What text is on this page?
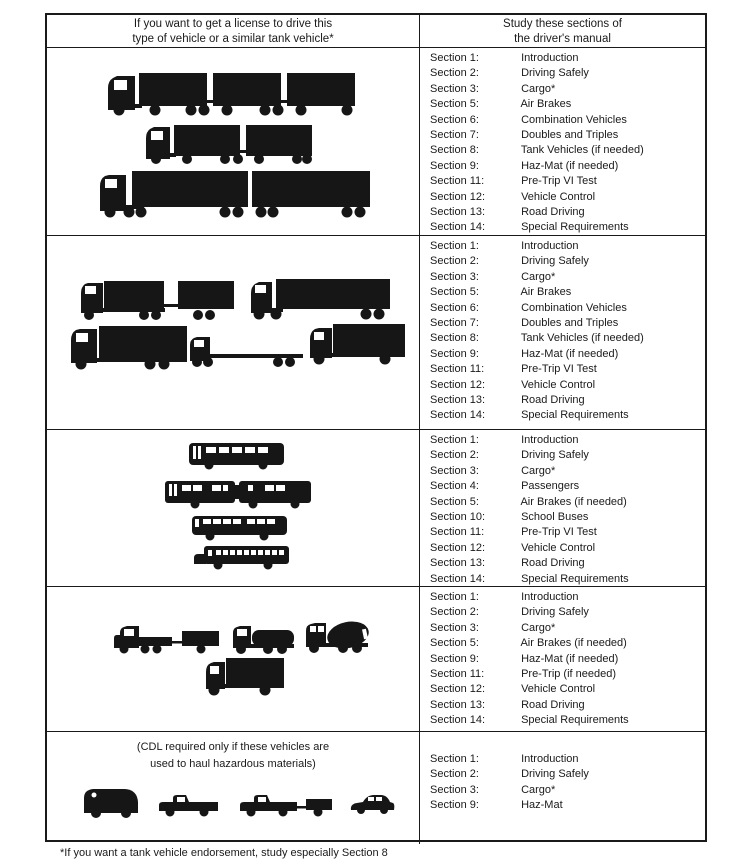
If you want to get a license to drive this
type of vehicle or a similar tank vehicle*
Study these sections of
the driver's manual
Section 1:	Introduction
Section 2:	Driving Safely
Section 3:	Cargo*
Section 5:	Air Brakes
Section 6:	Combination Vehicles
Section 7:	Doubles and Triples
Section 8:	Tank Vehicles (if needed)
Section 9:	Haz-Mat (if needed)
Section 11:	Pre-Trip VI Test
Section 12:	Vehicle Control
Section 13:	Road Driving
Section 14:	Special Requirements
Section 1:	Introduction
Section 2:	Driving Safely
Section 3:	Cargo*
Section 5:	Air Brakes
Section 6:	Combination Vehicles
Section 7:	Doubles and Triples
Section 8:	Tank Vehicles (if needed)
Section 9:	Haz-Mat (if needed)
Section 11:	Pre-Trip VI Test
Section 12:	Vehicle Control
Section 13:	Road Driving
Section 14:	Special Requirements
Section 1:	Introduction
Section 2:	Driving Safely
Section 3:	Cargo*
Section 4:	Passengers
Section 5:	Air Brakes (if needed)
Section 10:	School Buses
Section 11:	Pre-Trip VI Test
Section 12:	Vehicle Control
Section 13:	Road Driving
Section 14:	Special Requirements
Section 1:	Introduction
Section 2:	Driving Safely
Section 3:	Cargo*
Section 5:	Air Brakes (if needed)
Section 9:	Haz-Mat (if needed)
Section 11:	Pre-Trip (if needed)
Section 12:	Vehicle Control
Section 13:	Road Driving
Section 14:	Special Requirements
(CDL required only if these vehicles are
used to haul hazardous materials)	Section 1:	Introduction
Section 2:	Driving Safely
Section 3:	Cargo*
Section 9:	Haz-Mat
*If you want a tank vehicle endorsement, study especially Section 8
